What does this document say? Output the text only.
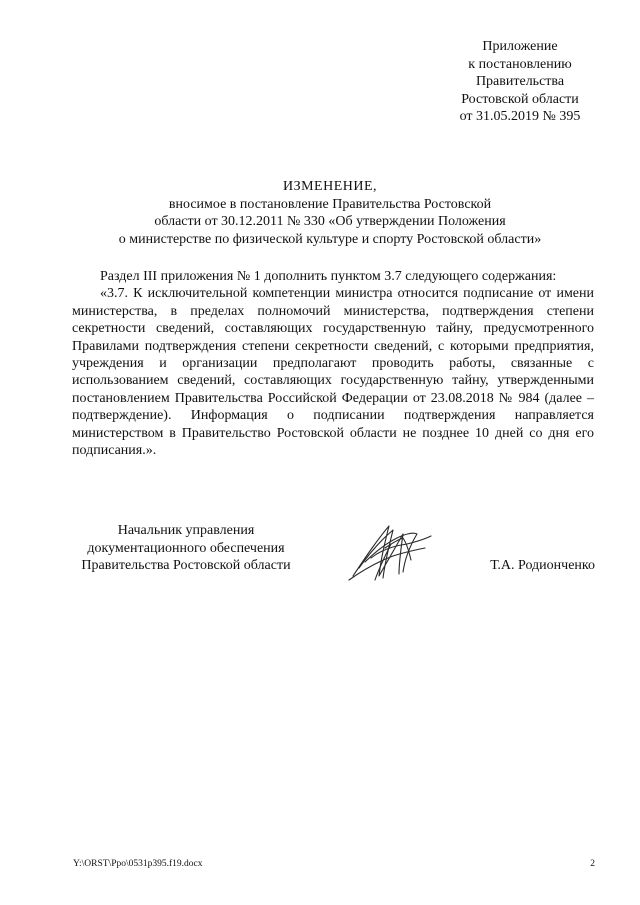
Приложение
к постановлению
Правительства
Ростовской области
от 31.05.2019 № 395
ИЗМЕНЕНИЕ,
вносимое в постановление Правительства Ростовской
области от 30.12.2011 № 330 «Об утверждении Положения
о министерстве по физической культуре и спорту Ростовской области»

Раздел III приложения № 1 дополнить пунктом 3.7 следующего содержания:

«3.7. К исключительной компетенции министра относится подписание от имени министерства, в пределах полномочий министерства, подтверждения степени секретности сведений, составляющих государственную тайну, предусмотренного Правилами подтверждения степени секретности сведений, с которыми предприятия, учреждения и организации предполагают проводить работы, связанные с использованием сведений, составляющих государственную тайну, утвержденными постановлением Правительства Российской Федерации от 23.08.2018 № 984 (далее – подтверждение). Информация о подписании подтверждения направляется министерством в Правительство Ростовской области не позднее 10 дней со дня его подписания.».

Начальник управления
документационного обеспечения
Правительства Ростовской области	Т.А. Родионченко
Y:\ORST\Ppo\0531p395.f19.docx	2
